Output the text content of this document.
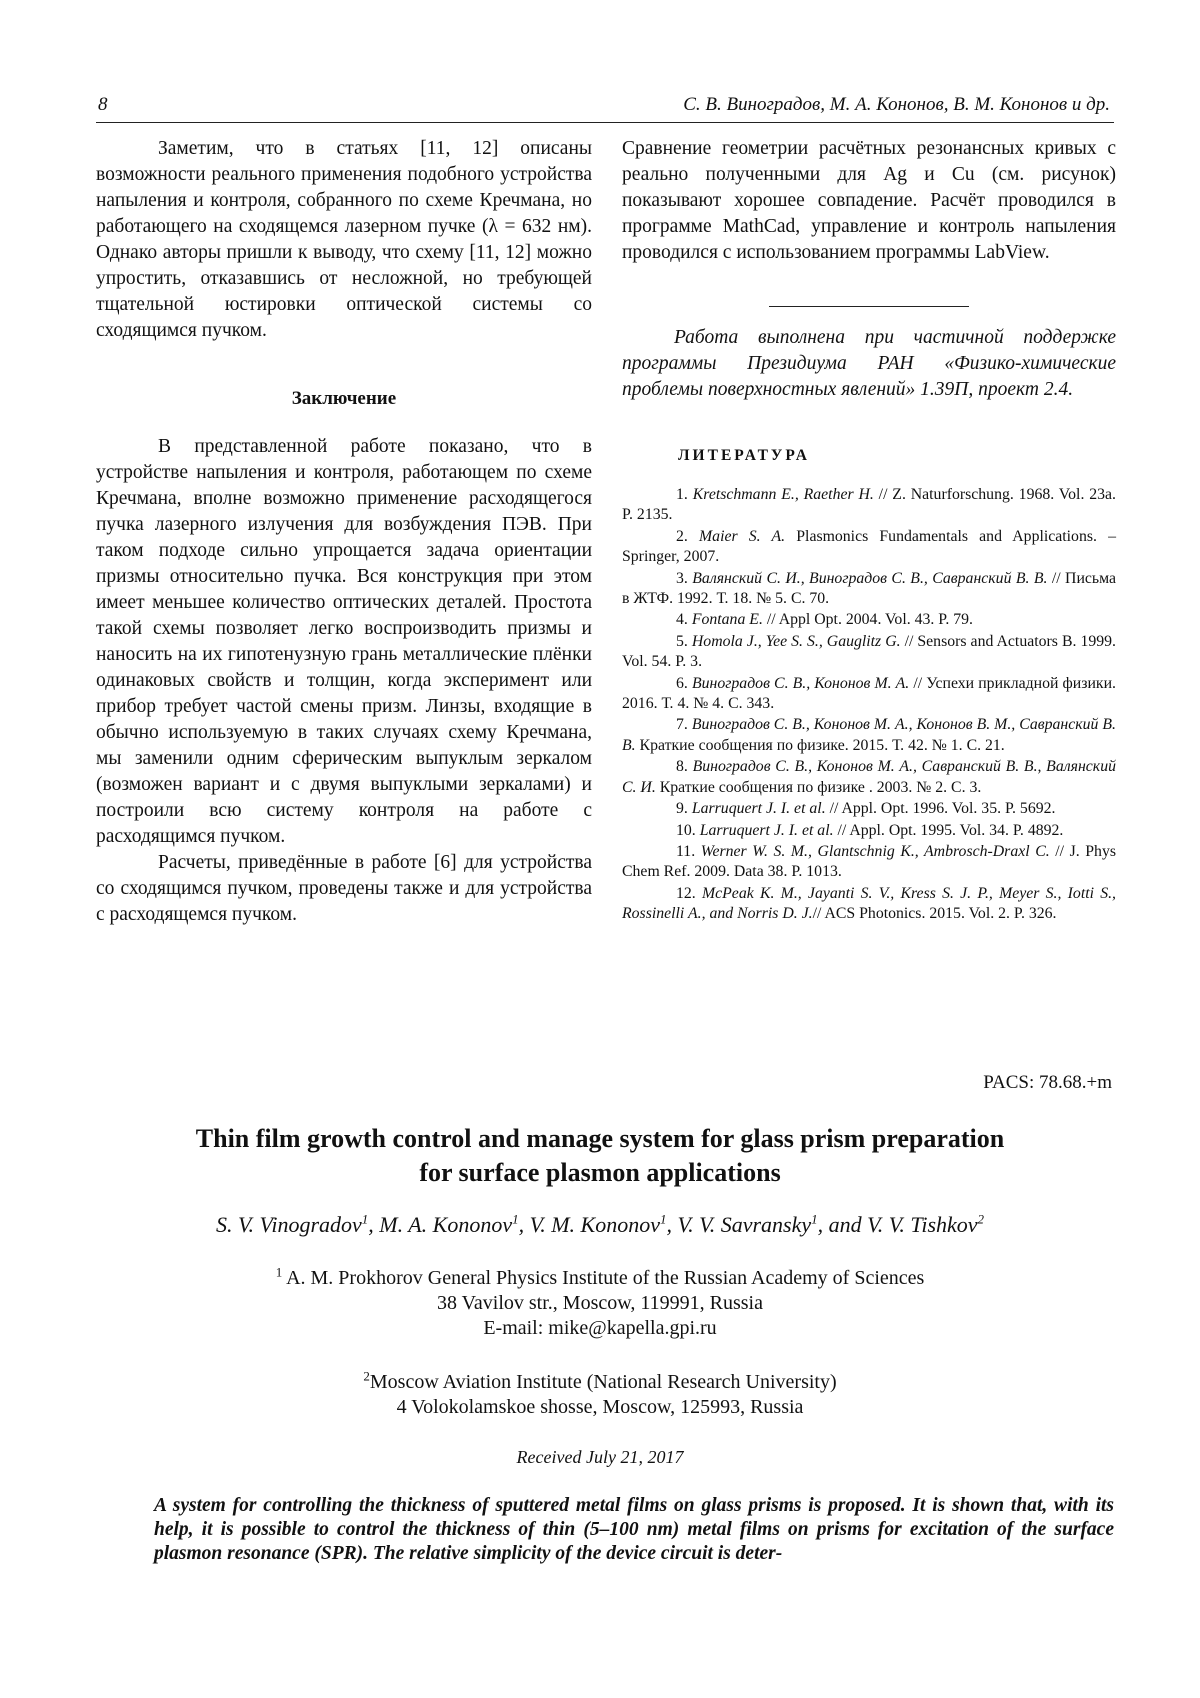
8	С. В. Виноградов, М. А. Кононов, В. М. Кононов и др.

Заметим, что в статьях [11, 12] описаны возможности реального применения подобного устройства напыления и контроля, собранного по схеме Кречмана, но работающего на сходящемся лазерном пучке (λ = 632 нм). Однако авторы пришли к выводу, что схему [11, 12] можно упростить, отказавшись от несложной, но требующей тщательной юстировки оптической системы со сходящимся пучком.

Заключение

В представленной работе показано, что в устройстве напыления и контроля, работающем по схеме Кречмана, вполне возможно применение расходящегося пучка лазерного излучения для возбуждения ПЭВ. При таком подходе сильно упрощается задача ориентации призмы относительно пучка. Вся конструкция при этом имеет меньшее количество оптических деталей. Простота такой схемы позволяет легко воспроизводить призмы и наносить на их гипотенузную грань металлические плёнки одинаковых свойств и толщин, когда эксперимент или прибор требует частой смены призм. Линзы, входящие в обычно используемую в таких случаях схему Кречмана, мы заменили одним сферическим выпуклым зеркалом (возможен вариант и с двумя выпуклыми зеркалами) и построили всю систему контроля на работе с расходящимся пучком.

Расчеты, приведённые в работе [6] для устройства со сходящимся пучком, проведены также и для устройства с расходящемся пучком.

Сравнение геометрии расчётных резонансных кривых с реально полученными для Ag и Cu (см. рисунок) показывают хорошее совпадение. Расчёт проводился в программе MathCad, управление и контроль напыления проводился с использованием программы LabView.

Работа выполнена при частичной поддержке программы Президиума РАН «Физико-химические проблемы поверхностных явлений» 1.39П, проект 2.4.

ЛИТЕРАТУРА

1. Kretschmann E., Raether H. // Z. Naturforschung. 1968. Vol. 23a. P. 2135.

2. Maier S. A. Plasmonics Fundamentals and Applications. – Springer, 2007.

3. Валянский С. И., Виноградов С. В., Савранский В. В. // Письма в ЖТФ. 1992. Т. 18. № 5. С. 70.

4. Fontana E. // Appl Opt. 2004. Vol. 43. P. 79.

5. Homola J., Yee S. S., Gauglitz G. // Sensors and Actuators B. 1999. Vol. 54. P. 3.

6. Виноградов С. В., Кононов М. А. // Успехи прикладной физики. 2016. Т. 4. № 4. С. 343.

7. Виноградов С. В., Кононов М. А., Кононов В. М., Савранский В. В. Краткие сообщения по физике. 2015. Т. 42. № 1. С. 21.

8. Виноградов С. В., Кононов М. А., Савранский В. В., Валянский С. И. Краткие сообщения по физике . 2003. № 2. С. 3.

9. Larruquert J. I. et al. // Appl. Opt. 1996. Vol. 35. P. 5692.

10. Larruquert J. I. et al. // Appl. Opt. 1995. Vol. 34. P. 4892.

11. Werner W. S. M., Glantschnig K., Ambrosch-Draxl C. // J. Phys Chem Ref. 2009. Data 38. P. 1013.

12. McPeak K. M., Jayanti S. V., Kress S. J. P., Meyer S., Iotti S., Rossinelli A., and Norris D. J.// ACS Photonics. 2015. Vol. 2. P. 326.

PACS: 78.68.+m
Thin film growth control and manage system for glass prism preparation
for surface plasmon applications
S. V. Vinogradov$^1$, M. A. Kononov$^1$, V. M. Kononov$^1$, V. V. Savransky$^1$, and V. V. Tishkov$^2$
$^1$ A. M. Prokhorov General Physics Institute of the Russian Academy of Sciences
38 Vavilov str., Moscow, 119991, Russia
E-mail: mike@kapella.gpi.ru
$^2$Moscow Aviation Institute (National Research University)
4 Volokolamskoe shosse, Moscow, 125993, Russia
Received July 21, 2017
A system for controlling the thickness of sputtered metal films on glass prisms is proposed. It is shown that, with its help, it is possible to control the thickness of thin (5–100 nm) metal films on prisms for excitation of the surface plasmon resonance (SPR). The relative simplicity of the device circuit is deter-
